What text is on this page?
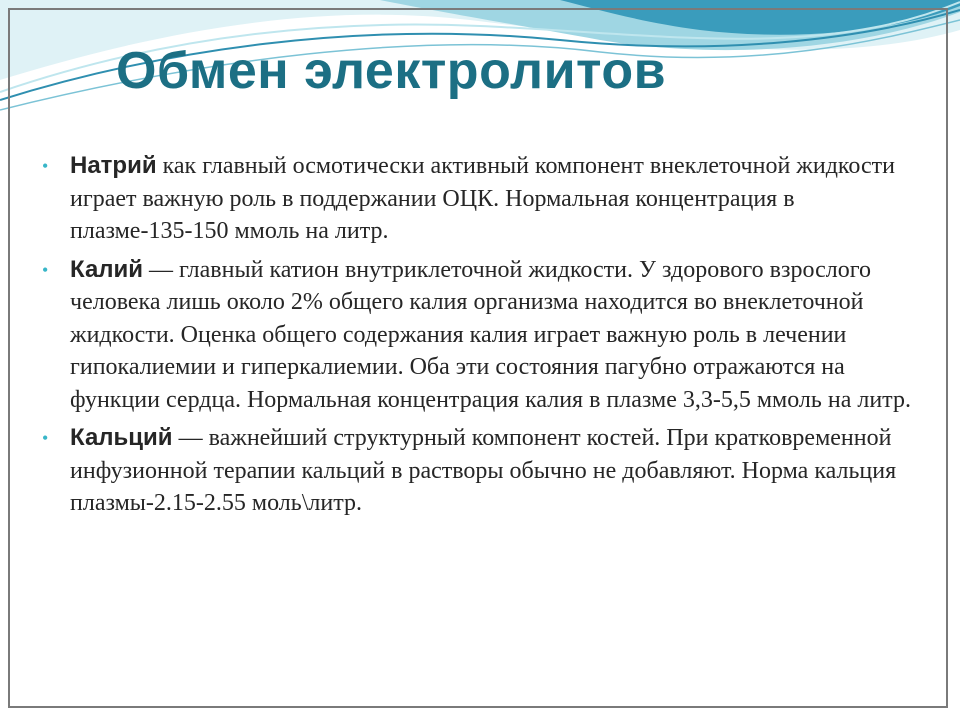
Обмен электролитов
• Натрий как главный осмотически активный компонент внеклеточной жидкости играет важную роль в поддержании ОЦК. Нормальная концентрация в плазме-135-150 ммоль на литр.
• Калий — главный катион внутриклеточной жидкости. У здорового взрослого человека лишь около 2% общего калия организма находится во внеклеточной жидкости. Оценка общего содержания калия играет важную роль в лечении гипокалиемии и гиперкалиемии. Оба эти состояния пагубно отражаются на функции сердца. Нормальная концентрация калия в плазме 3,3-5,5 ммоль на литр.
• Кальций — важнейший структурный компонент костей. При кратковременной инфузионной терапии кальций в растворы обычно не добавляют. Норма кальция плазмы-2.15-2.55 моль\литр.
